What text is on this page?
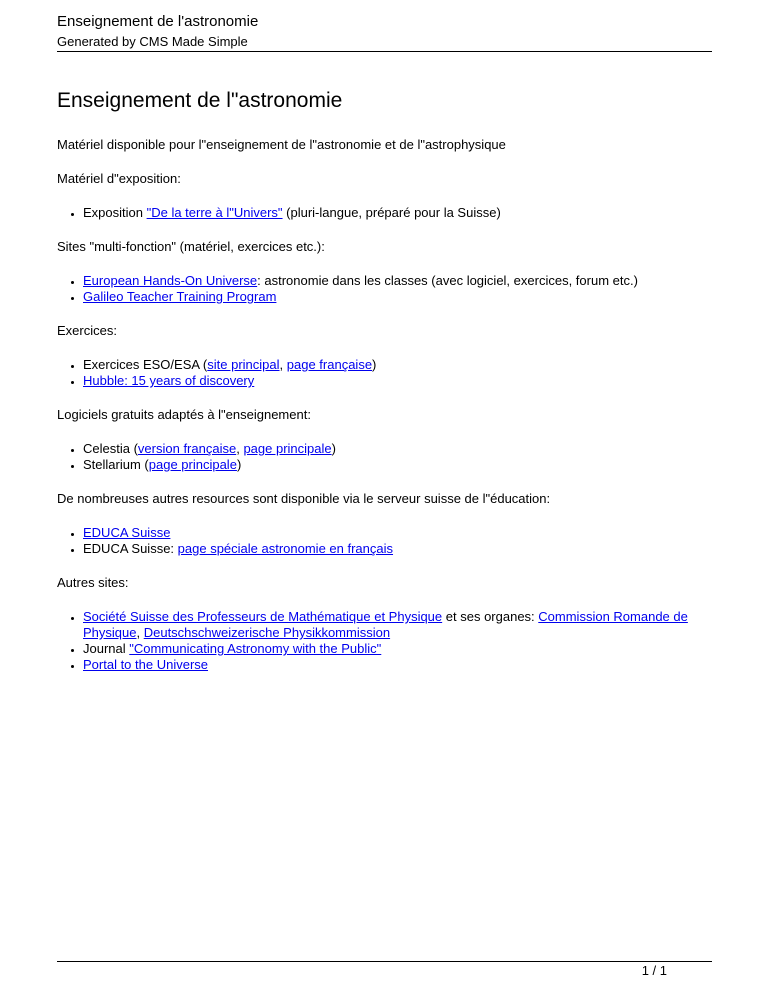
Enseignement de l'astronomie
Generated by CMS Made Simple
Enseignement de l"astronomie

Matériel disponible pour l"enseignement de l"astronomie et de l"astrophysique

Matériel d"exposition:

• Exposition "De la terre à l"Univers" (pluri-langue, préparé pour la Suisse)

Sites "multi-fonction" (matériel, exercices etc.):

• European Hands-On Universe: astronomie dans les classes (avec logiciel, exercices, forum etc.)
• Galileo Teacher Training Program

Exercices:

• Exercices ESO/ESA (site principal, page française)
• Hubble: 15 years of discovery

Logiciels gratuits adaptés à l"enseignement:

• Celestia (version française, page principale)
• Stellarium (page principale)

De nombreuses autres resources sont disponible via le serveur suisse de l"éducation:

• EDUCA Suisse
• EDUCA Suisse: page spéciale astronomie en français

Autres sites:

• Société Suisse des Professeurs de Mathématique et Physique et ses organes: Commission Romande de Physique, Deutschschweizerische Physikkommission
• Journal "Communicating Astronomy with the Public"
• Portal to the Universe
1 / 1
